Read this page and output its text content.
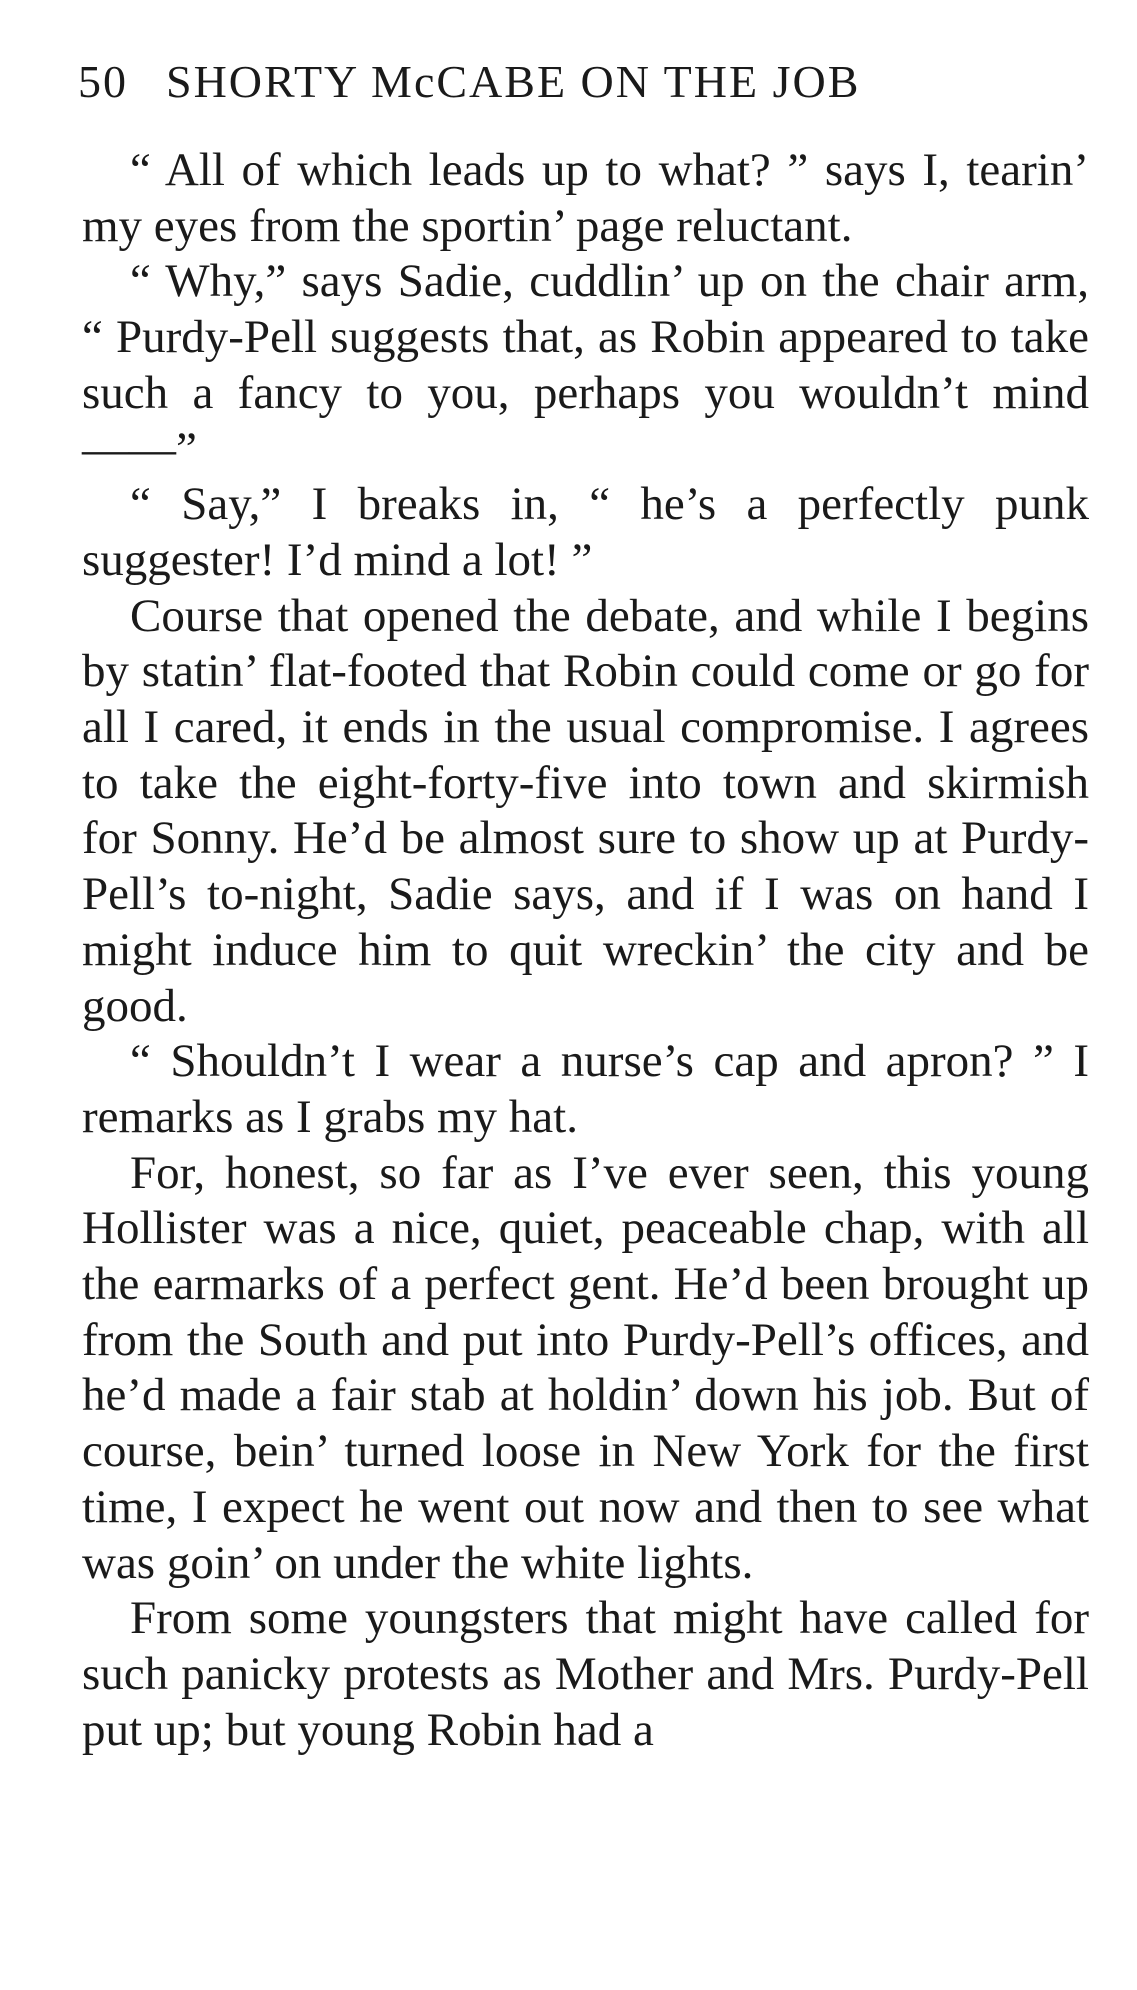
50 SHORTY McCABE ON THE JOB

“ All of which leads up to what? ” says I, tearin’ my eyes from the sportin’ page reluctant.

“ Why,” says Sadie, cuddlin’ up on the chair arm, “ Purdy-Pell suggests that, as Robin appeared to take such a fancy to you, perhaps you wouldn’t mind——”

“ Say,” I breaks in, “ he’s a perfectly punk suggester! I’d mind a lot! ”

Course that opened the debate, and while I begins by statin’ flat-footed that Robin could come or go for all I cared, it ends in the usual compromise. I agrees to take the eight-forty-five into town and skirmish for Sonny. He’d be almost sure to show up at Purdy-Pell’s to-night, Sadie says, and if I was on hand I might induce him to quit wreckin’ the city and be good.

“ Shouldn’t I wear a nurse’s cap and apron? ” I remarks as I grabs my hat.

For, honest, so far as I’ve ever seen, this young Hollister was a nice, quiet, peaceable chap, with all the earmarks of a perfect gent. He’d been brought up from the South and put into Purdy-Pell’s offices, and he’d made a fair stab at holdin’ down his job. But of course, bein’ turned loose in New York for the first time, I expect he went out now and then to see what was goin’ on under the white lights.

From some youngsters that might have called for such panicky protests as Mother and Mrs. Purdy-Pell put up; but young Robin had a
